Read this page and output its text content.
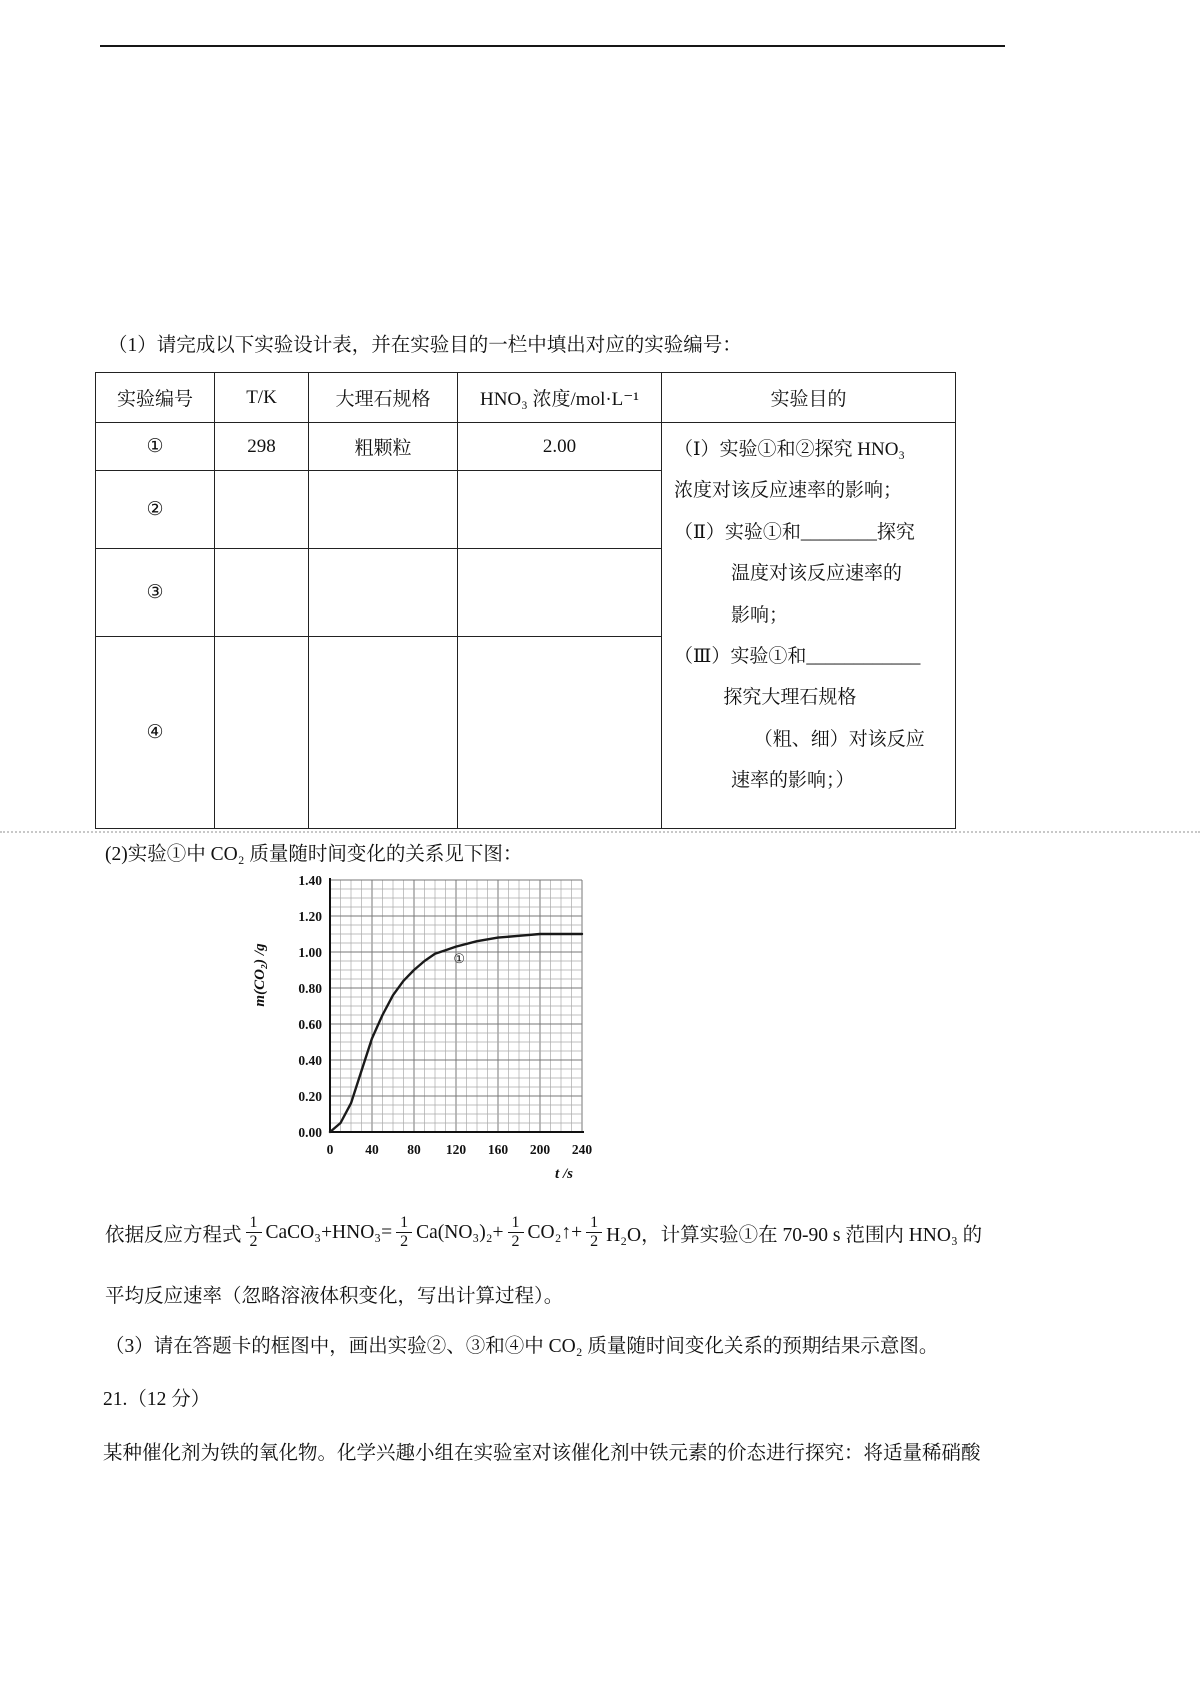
（1）请完成以下实验设计表，并在实验目的一栏中填出对应的实验编号：

实验编号	T/K	大理石规格	HNO₃ 浓度/mol·L⁻¹	实验目的
①	298	粗颗粒	2.00	（Ⅰ）实验①和②探究 HNO₃
浓度对该反应速率的影响；
（Ⅱ）实验①和________探究
温度对该反应速率的
影响；
（Ⅲ）实验①和____________
探究大理石规格
（粗、细）对该反应
速率的影响；）

②				
③				
④				

(2)实验①中 CO₂ 质量随时间变化的关系见下图：

0.00
0.20
0.40
0.60
0.80
1.00
1.20
1.40
0 40 80 120 160 200 240
m(CO₂) /g
t /s
①
依据反应方程式 $\frac{1}{2}$ CaCO₃+HNO₃= $\frac{1}{2} Ca(NO_3)_2+ \frac{1}{2}$ CO₂↑+ $\frac{1}{2} H_2O$， 计算实验①在 70-90 s 范围内 HNO₃ 的

平均反应速率（忽略溶液体积变化，写出计算过程）。

（3）请在答题卡的框图中，画出实验②、③和④中 CO₂ 质量随时间变化关系的预期结果示意图。

21.（12 分）

某种催化剂为铁的氧化物。化学兴趣小组在实验室对该催化剂中铁元素的价态进行探究：将适量稀硝酸
